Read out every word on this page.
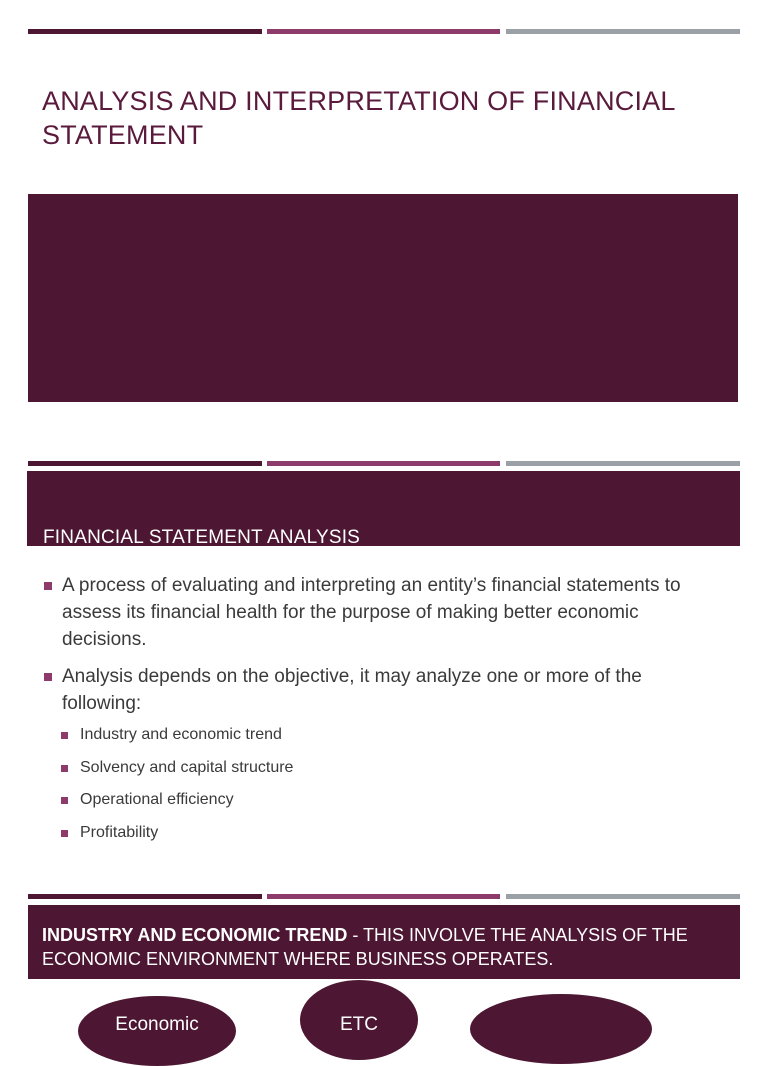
ANALYSIS AND INTERPRETATION OF FINANCIAL STATEMENT
FINANCIAL STATEMENT ANALYSIS
A process of evaluating and interpreting an entity’s financial statements to assess its financial health for the purpose of making better economic decisions.
Analysis depends on the objective, it may analyze one or more of the following:
Industry and economic trend
Solvency and capital structure
Operational efficiency
Profitability

INDUSTRY AND ECONOMIC TREND - THIS INVOLVE THE ANALYSIS OF THE ECONOMIC ENVIRONMENT WHERE BUSINESS OPERATES.

Economic	ETC
